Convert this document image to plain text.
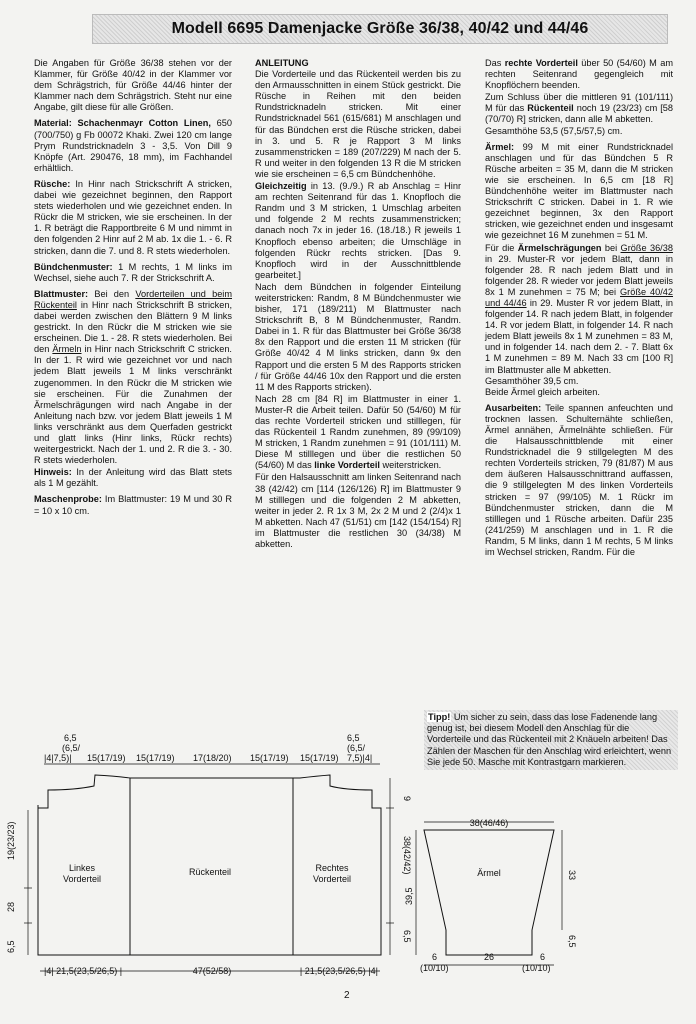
Modell 6695 Damenjacke Größe 36/38, 40/42 und 44/46

Die Angaben für Größe 36/38 stehen vor der Klammer, für Größe 40/42 in der Klammer vor dem Schrägstrich, für Größe 44/46 hinter der Klammer nach dem Schrägstrich. Steht nur eine Angabe, gilt diese für alle Größen.

Material: Schachenmayr Cotton Linen, 650 (700/750) g Fb 00072 Khaki. Zwei 120 cm lange Prym Rundstricknadeln 3 - 3,5. Von Dill 9 Knöpfe (Art. 290476, 18 mm), im Fachhandel erhältlich.

Rüsche: In Hinr nach Strickschrift A stricken, dabei wie gezeichnet beginnen, den Rapport stets wiederholen und wie gezeichnet enden. In Rückr die M stricken, wie sie erscheinen. In der 1. R beträgt die Rapportbreite 6 M und nimmt in den folgenden 2 Hinr auf 2 M ab. 1x die 1. - 6. R stricken, dann die 7. und 8. R stets wiederholen.

Bündchenmuster: 1 M rechts, 1 M links im Wechsel, siehe auch 7. R der Strickschrift A.

Blattmuster: Bei den Vorderteilen und beim Rückenteil in Hinr nach Strickschrift B stricken, dabei werden zwischen den Blättern 9 M links gestrickt. In den Rückr die M stricken wie sie erscheinen. Die 1. - 28. R stets wiederholen. Bei den Ärmeln in Hinr nach Strickschrift C stricken. In der 1. R wird wie gezeichnet vor und nach jedem Blatt jeweils 1 M links verschränkt zugenommen. In den Rückr die M stricken wie sie erscheinen. Für die Zunahmen der Ärmelschrägungen wird nach Angabe in der Anleitung nach bzw. vor jedem Blatt jeweils 1 M links verschränkt aus dem Querfaden gestrickt und glatt links (Hinr links, Rückr rechts) weitergestrickt. Nach der 1. und 2. R die 3. - 30. R stets wiederholen.

Hinweis: In der Anleitung wird das Blatt stets als 1 M gezählt.

Maschenprobe: Im Blattmuster: 19 M und 30 R = 10 x 10 cm.

ANLEITUNG
Die Vorderteile und das Rückenteil werden bis zu den Armausschnitten in einem Stück gestrickt. Die Rüsche in Reihen mit den beiden Rundstricknadeln stricken. Mit einer Rundstricknadel 561 (615/681) M anschlagen und für das Bündchen erst die Rüsche stricken, dabei in 3. und 5. R je Rapport 3 M links zusammenstricken = 189 (207/229) M nach der 5. R und weiter in den folgenden 13 R die M stricken wie sie erscheinen = 6,5 cm Bündchenhöhe.

Gleichzeitig in 13. (9./9.) R ab Anschlag = Hinr am rechten Seitenrand für das 1. Knopfloch die Randm und 3 M stricken, 1 Umschlag arbeiten und folgende 2 M rechts zusammenstricken; danach noch 7x in jeder 16. (18./18.) R jeweils 1 Knopfloch ebenso arbeiten; die Umschläge in folgenden Rückr rechts stricken. [Das 9. Knopfloch wird in der Ausschnittblende gearbeitet.]

Nach dem Bündchen in folgender Einteilung weiterstricken: Randm, 8 M Bündchenmuster wie bisher, 171 (189/211) M Blattmuster nach Strickschrift B, 8 M Bündchenmuster, Randm. Dabei in 1. R für das Blattmuster bei Größe 36/38 8x den Rapport und die ersten 11 M stricken (für Größe 40/42 4 M links stricken, dann 9x den Rapport und die ersten 5 M des Rapports stricken / für Größe 44/46 10x den Rapport und die ersten 11 M des Rapports stricken).

Nach 28 cm [84 R] im Blattmuster in einer 1. Muster-R die Arbeit teilen. Dafür 50 (54/60) M für das rechte Vorderteil stricken und stilllegen, für das Rückenteil 1 Randm zunehmen, 89 (99/109) M stricken, 1 Randm zunehmen = 91 (101/111) M. Diese M stilllegen und über die restlichen 50 (54/60) M das linke Vorderteil weiterstricken.

Für den Halsausschnitt am linken Seitenrand nach 38 (42/42) cm [114 (126/126) R] im Blattmuster 9 M stilllegen und die folgenden 2 M abketten, weiter in jeder 2. R 1x 3 M, 2x 2 M und 2 (2/4)x 1 M abketten. Nach 47 (51/51) cm [142 (154/154) R] im Blattmuster die restlichen 30 (34/38) M abketten.

Das rechte Vorderteil über 50 (54/60) M am rechten Seitenrand gegengleich mit Knopflöchern beenden.

Zum Schluss über die mittleren 91 (101/111) M für das Rückenteil noch 19 (23/23) cm [58 (70/70) R] stricken, dann alle M abketten.
Gesamthöhe 53,5 (57,5/57,5) cm.

Ärmel: 99 M mit einer Rundstricknadel anschlagen und für das Bündchen 5 R Rüsche arbeiten = 35 M, dann die M stricken wie sie erscheinen. In 6,5 cm [18 R] Bündchenhöhe weiter im Blattmuster nach Strickschrift C stricken. Dabei in 1. R wie gezeichnet beginnen, 3x den Rapport stricken, wie gezeichnet enden und insgesamt wie gezeichnet 16 M zunehmen = 51 M.

Für die Ärmelschrägungen bei Größe 36/38 in 29. Muster-R vor jedem Blatt, dann in folgender 28. R nach jedem Blatt und in folgender 28. R wieder vor jedem Blatt jeweils 8x 1 M zunehmen = 75 M; bei Größe 40/42 und 44/46 in 29. Muster R vor jedem Blatt, in folgender 14. R nach jedem Blatt, in folgender 14. R vor jedem Blatt, in folgender 14. R nach jedem Blatt jeweils 8x 1 M zunehmen = 83 M, und in folgender 14. nach dem 2. - 7. Blatt 6x 1 M zunehmen = 89 M. Nach 33 cm [100 R] im Blattmuster alle M abketten.
Gesamthöher 39,5 cm.
Beide Ärmel gleich arbeiten.

Ausarbeiten: Teile spannen anfeuchten und trocknen lassen. Schulternähte schließen, Ärmel annähen, Ärmelnähte schließen. Für die Halsausschnittblende mit einer Rundstricknadel die 9 stillgelegten M des rechten Vorderteils stricken, 79 (81/87) M aus dem äußeren Halsausschnittrand auffassen, die 9 stillgelegten M des linken Vorderteils stricken = 97 (99/105) M. 1 Rückr im Bündchenmuster stricken, dann die M stilllegen und 1 Rüsche arbeiten. Dafür 235 (241/259) M anschlagen und in 1. R die Randm, 5 M links, dann 1 M rechts, 5 M links im Wechsel stricken, Randm. Für die

Tipp! Um sicher zu sein, dass das lose Fadenende lang genug ist, bei diesem Modell den Anschlag für die Vorderteile und das Rückenteil mit 2 Knäueln arbeiten! Das Zählen der Maschen für den Anschlag wird erleichtert, wenn Sie jede 50. Masche mit Kontrastgarn markieren.
6,5
(6,5/
|4|7,5)| 15(17/19) 15(17/19) 17(18/20) 15(17/19) 15(17/19)
6,5
(6,5/
7,5)|4|
19(23/23)
28
6,5
9
38(42/42)
6,5
Linkes
Vorderteil
Rückenteil	Rechtes
Vorderteil
|4| 21,5(23,5/26,5) |	47(52/58)	| 21,5(23,5/26,5) |4|
38(46/46)
Ärmel
39,5
33
6,5
6
(10/10)
26	6
(10/10)
2
